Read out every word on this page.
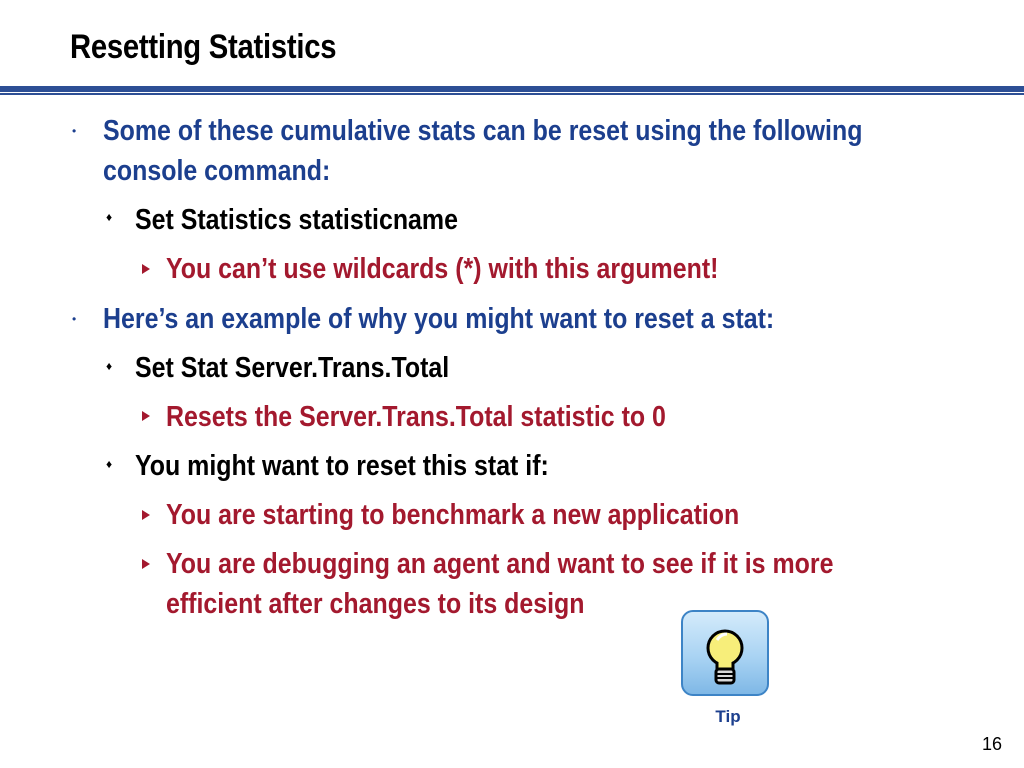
Resetting Statistics
• Some of these cumulative stats can be reset using the following
console command:
♦ Set Statistics statisticname
You can’t use wildcards (*) with this argument!
• Here’s an example of why you might want to reset a stat:
♦ Set Stat Server.Trans.Total
Resets the Server.Trans.Total statistic to 0
♦ You might want to reset this stat if:
You are starting to benchmark a new application
You are debugging an agent and want to see if it is more
efficient after changes to its design
Tip
16
